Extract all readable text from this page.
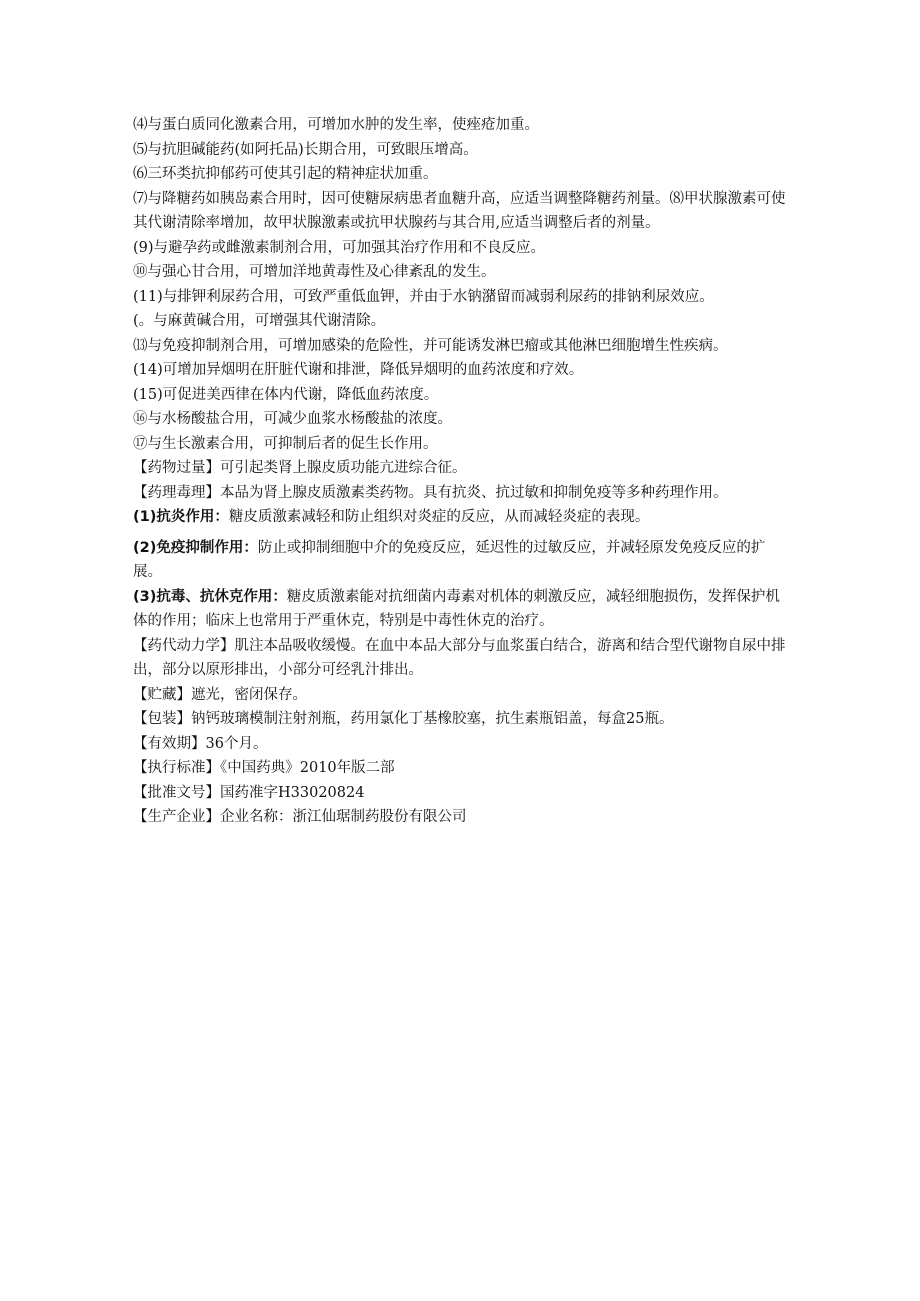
⑷与蛋白质同化激素合用，可增加水肿的发生率，使痤疮加重。

⑸与抗胆碱能药(如阿托品)长期合用，可致眼压增高。

⑹三环类抗抑郁药可使其引起的精神症状加重。

⑺与降糖药如胰岛素合用时，因可使糖尿病患者血糖升高，应适当调整降糖药剂量。⑻甲状腺激素可使其代谢清除率增加，故甲状腺激素或抗甲状腺药与其合用,应适当调整后者的剂量。

(9)与避孕药或雌激素制剂合用，可加强其治疗作用和不良反应。

⑩与强心甘合用，可增加洋地黄毒性及心律紊乱的发生。

(11)与排钾利尿药合用，可致严重低血钾，并由于水钠潴留而减弱利尿药的排钠利尿效应。

(。与麻黄碱合用，可增强其代谢清除。

⒀与免疫抑制剂合用，可增加感染的危险性，并可能诱发淋巴瘤或其他淋巴细胞增生性疾病。

(14)可增加异烟明在肝脏代谢和排泄，降低异烟明的血药浓度和疗效。

(15)可促进美西律在体内代谢，降低血药浓度。

⑯与水杨酸盐合用，可减少血浆水杨酸盐的浓度。

⑰与生长激素合用，可抑制后者的促生长作用。

【药物过量】可引起类肾上腺皮质功能亢进综合征。

【药理毒理】本品为肾上腺皮质激素类药物。具有抗炎、抗过敏和抑制免疫等多种药理作用。

(1)抗炎作用：糖皮质激素减轻和防止组织对炎症的反应，从而减轻炎症的表现。

(2)免疫抑制作用：防止或抑制细胞中介的免疫反应，延迟性的过敏反应，并减轻原发免疫反应的扩展。

(3)抗毒、抗休克作用：糖皮质激素能对抗细菌内毒素对机体的刺激反应，减轻细胞损伤，发挥保护机体的作用；临床上也常用于严重休克，特别是中毒性休克的治疗。

【药代动力学】肌注本品吸收缓慢。在血中本品大部分与血浆蛋白结合，游离和结合型代谢物自尿中排出，部分以原形排出，小部分可经乳汁排出。

【贮藏】遮光，密闭保存。

【包装】钠钙玻璃模制注射剂瓶，药用氯化丁基橡胶塞，抗生素瓶铝盖，每盒25瓶。

【有效期】36个月。

【执行标准】《中国药典》2010年版二部

【批准文号】国药准字H33020824

【生产企业】企业名称：浙江仙琚制药股份有限公司
